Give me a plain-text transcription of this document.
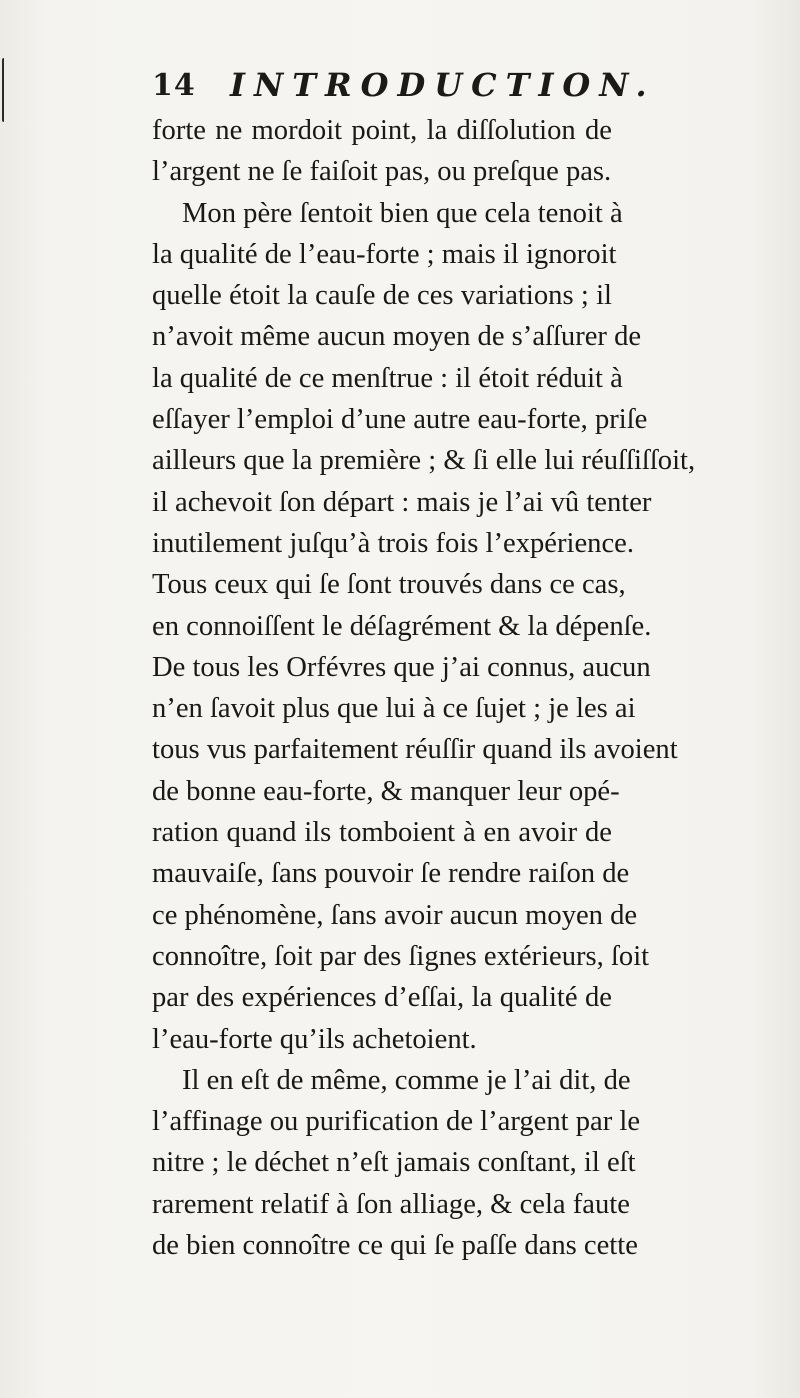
14 INTRODUCTION.
forte ne mordoit point, la diſſolution de
l’argent ne ſe faiſoit pas, ou preſque pas.
Mon père ſentoit bien que cela tenoit à
la qualité de l’eau-forte ; mais il ignoroit
quelle étoit la cauſe de ces variations ; il
n’avoit même aucun moyen de s’aſſurer de
la qualité de ce menſtrue : il étoit réduit à
eſſayer l’emploi d’une autre eau-forte, priſe
ailleurs que la première ; & ſi elle lui réuſſiſſoit,
il achevoit ſon départ : mais je l’ai vû tenter
inutilement juſqu’à trois fois l’expérience.
Tous ceux qui ſe ſont trouvés dans ce cas,
en connoiſſent le déſagrément & la dépenſe.
De tous les Orfévres que j’ai connus, aucun
n’en ſavoit plus que lui à ce ſujet ; je les ai
tous vus parfaitement réuſſir quand ils avoient
de bonne eau-forte, & manquer leur opé-
ration quand ils tomboient à en avoir de
mauvaiſe, ſans pouvoir ſe rendre raiſon de
ce phénomène, ſans avoir aucun moyen de
connoître, ſoit par des ſignes extérieurs, ſoit
par des expériences d’eſſai, la qualité de
l’eau-forte qu’ils achetoient.
Il en eſt de même, comme je l’ai dit, de
l’affinage ou purification de l’argent par le
nitre ; le déchet n’eſt jamais conſtant, il eſt
rarement relatif à ſon alliage, & cela faute
de bien connoître ce qui ſe paſſe dans cette
